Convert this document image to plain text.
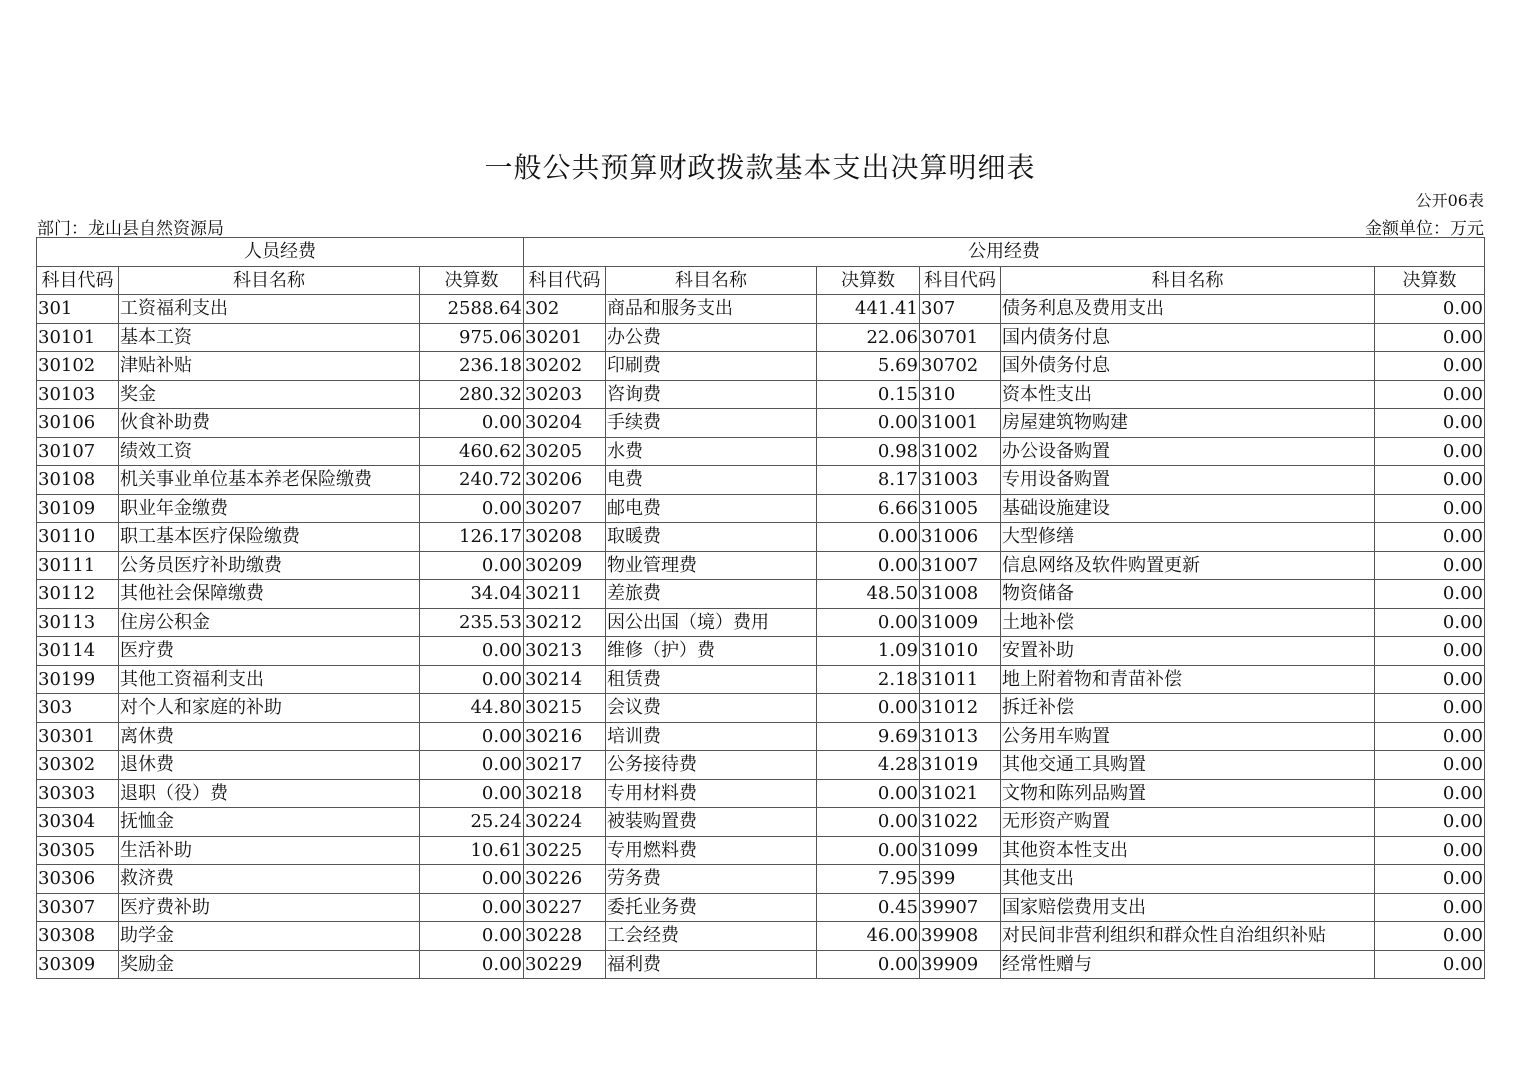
一般公共预算财政拨款基本支出决算明细表
公开06表
部门：龙山县自然资源局	金额单位：万元
人员经费			公用经费					
科目代码	科目名称	决算数	科目代码	科目名称	决算数	科目代码	科目名称	决算数
301	工资福利支出	2588.64	302	商品和服务支出	441.41	307	债务利息及费用支出	0.00
30101	基本工资	975.06	30201	办公费	22.06	30701	国内债务付息	0.00
30102	津贴补贴	236.18	30202	印刷费	5.69	30702	国外债务付息	0.00
30103	奖金	280.32	30203	咨询费	0.15	310	资本性支出	0.00
30106	伙食补助费	0.00	30204	手续费	0.00	31001	房屋建筑物购建	0.00
30107	绩效工资	460.62	30205	水费	0.98	31002	办公设备购置	0.00
30108	机关事业单位基本养老保险缴费	240.72	30206	电费	8.17	31003	专用设备购置	0.00
30109	职业年金缴费	0.00	30207	邮电费	6.66	31005	基础设施建设	0.00
30110	职工基本医疗保险缴费	126.17	30208	取暖费	0.00	31006	大型修缮	0.00
30111	公务员医疗补助缴费	0.00	30209	物业管理费	0.00	31007	信息网络及软件购置更新	0.00
30112	其他社会保障缴费	34.04	30211	差旅费	48.50	31008	物资储备	0.00
30113	住房公积金	235.53	30212	因公出国（境）费用	0.00	31009	土地补偿	0.00
30114	医疗费	0.00	30213	维修（护）费	1.09	31010	安置补助	0.00
30199	其他工资福利支出	0.00	30214	租赁费	2.18	31011	地上附着物和青苗补偿	0.00
303	对个人和家庭的补助	44.80	30215	会议费	0.00	31012	拆迁补偿	0.00
30301	离休费	0.00	30216	培训费	9.69	31013	公务用车购置	0.00
30302	退休费	0.00	30217	公务接待费	4.28	31019	其他交通工具购置	0.00
30303	退职（役）费	0.00	30218	专用材料费	0.00	31021	文物和陈列品购置	0.00
30304	抚恤金	25.24	30224	被装购置费	0.00	31022	无形资产购置	0.00
30305	生活补助	10.61	30225	专用燃料费	0.00	31099	其他资本性支出	0.00
30306	救济费	0.00	30226	劳务费	7.95	399	其他支出	0.00
30307	医疗费补助	0.00	30227	委托业务费	0.45	39907	国家赔偿费用支出	0.00
30308	助学金	0.00	30228	工会经费	46.00	39908	对民间非营利组织和群众性自治组织补贴	0.00
30309	奖励金	0.00	30229	福利费	0.00	39909	经常性赠与	0.00
